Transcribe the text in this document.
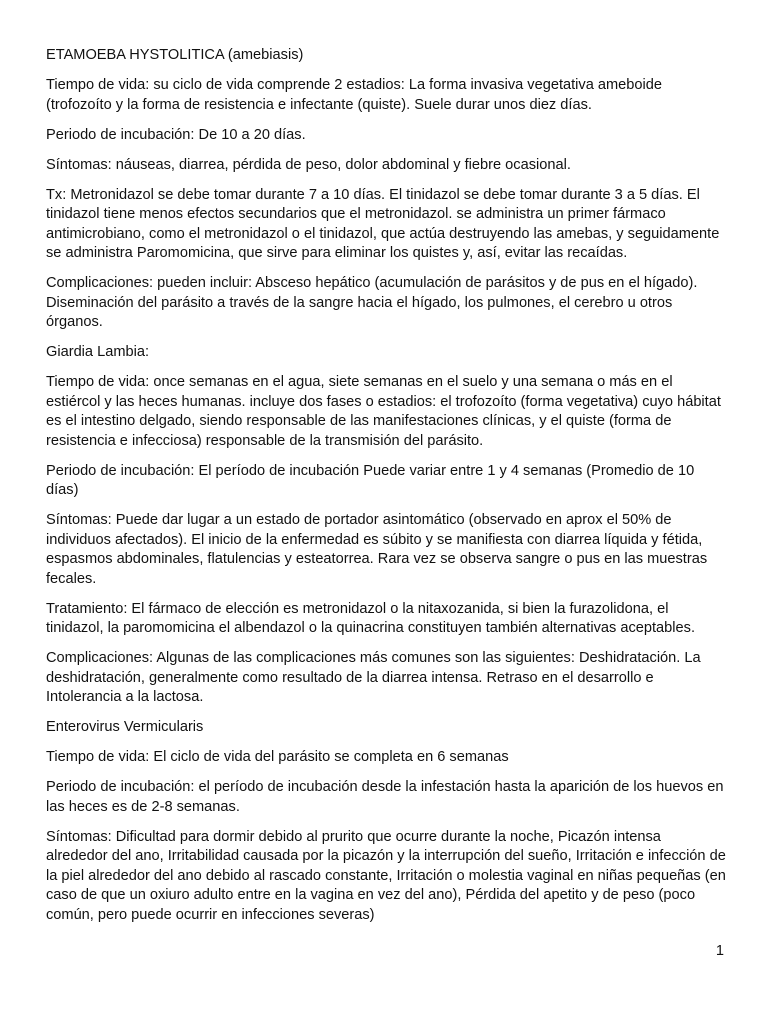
ETAMOEBA HYSTOLITICA (amebiasis)

Tiempo de vida: su ciclo de vida comprende 2 estadios: La forma invasiva vegetativa ameboide (trofozoíto y la forma de resistencia e infectante (quiste). Suele durar unos diez días.

Periodo de incubación: De 10 a 20 días.

Síntomas: náuseas, diarrea, pérdida de peso, dolor abdominal y fiebre ocasional.

Tx: Metronidazol se debe tomar durante 7 a 10 días. El tinidazol se debe tomar durante 3 a 5 días. El tinidazol tiene menos efectos secundarios que el metronidazol. se administra un primer fármaco antimicrobiano, como el metronidazol o el tinidazol, que actúa destruyendo las amebas, y seguidamente se administra Paromomicina, que sirve para eliminar los quistes y, así, evitar las recaídas.

Complicaciones: pueden incluir: Absceso hepático (acumulación de parásitos y de pus en el hígado). Diseminación del parásito a través de la sangre hacia el hígado, los pulmones, el cerebro u otros órganos.

Giardia Lambia:

Tiempo de vida: once semanas en el agua, siete semanas en el suelo y una semana o más en el estiércol y las heces humanas. incluye dos fases o estadios: el trofozoíto (forma vegetativa) cuyo hábitat es el intestino delgado, siendo responsable de las manifestaciones clínicas, y el quiste (forma de resistencia e infecciosa) responsable de la transmisión del parásito.

Periodo de incubación: El período de incubación Puede variar entre 1 y 4 semanas (Promedio de 10 días)

Síntomas: Puede dar lugar a un estado de portador asintomático (observado en aprox el 50% de individuos afectados). El inicio de la enfermedad es súbito y se manifiesta con diarrea líquida y fétida, espasmos abdominales, flatulencias y esteatorrea. Rara vez se observa sangre o pus en las muestras fecales.

Tratamiento: El fármaco de elección es metronidazol o la nitaxozanida, si bien la furazolidona, el tinidazol, la paromomicina el albendazol o la quinacrina constituyen también alternativas aceptables.

Complicaciones: Algunas de las complicaciones más comunes son las siguientes: Deshidratación. La deshidratación, generalmente como resultado de la diarrea intensa. Retraso en el desarrollo e Intolerancia a la lactosa.

Enterovirus Vermicularis

Tiempo de vida: El ciclo de vida del parásito se completa en 6 semanas

Periodo de incubación: el período de incubación desde la infestación hasta la aparición de los huevos en las heces es de 2-8 semanas.

Síntomas: Dificultad para dormir debido al prurito que ocurre durante la noche, Picazón intensa alrededor del ano, Irritabilidad causada por la picazón y la interrupción del sueño, Irritación e infección de la piel alrededor del ano debido al rascado constante, Irritación o molestia vaginal en niñas pequeñas (en caso de que un oxiuro adulto entre en la vagina en vez del ano), Pérdida del apetito y de peso (poco común, pero puede ocurrir en infecciones severas)

1
